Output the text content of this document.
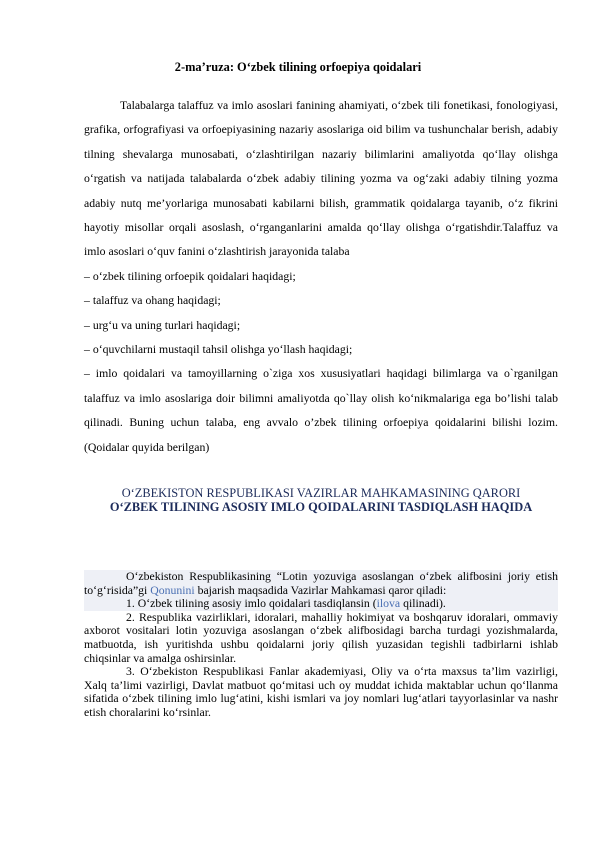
2-ma’ruza: O‘zbek tilining orfoepiya qoidalari

Talabalarga talaffuz va imlo asoslari fanining ahamiyati, o‘zbek tili fonetikasi, fonologiyasi, grafika, orfografiyasi va orfoepiyasining nazariy asoslariga oid bilim va tushunchalar berish, adabiy tilning shevalarga munosabati, o‘zlashtirilgan nazariy bilimlarini amaliyotda qo‘llay olishga o‘rgatish va natijada talabalarda o‘zbek adabiy tilining yozma va og‘zaki adabiy tilning yozma adabiy nutq me’yorlariga munosabati kabilarni bilish, grammatik qoidalarga tayanib, o‘z fikrini hayotiy misollar orqali asoslash, o‘rganganlarini amalda qo‘llay olishga o‘rgatishdir.Talaffuz va imlo asoslari o‘quv fanini o‘zlashtirish jarayonida talaba

– o‘zbek tilining orfoepik qoidalari haqidagi;

– talaffuz va ohang haqidagi;

– urg‘u va uning turlari haqidagi;

– o‘quvchilarni mustaqil tahsil olishga yo‘llash haqidagi;

– imlo qoidalari va tamoyillarning o`ziga xos xususiyatlari haqidagi bilimlarga va o`rganilgan talaffuz va imlo asoslariga doir bilimni amaliyotda qo`llay olish ko‘nikmalariga ega bo’lishi talab qilinadi. Buning uchun talaba, eng avvalo o’zbek tilining orfoepiya qoidalarini bilishi lozim. (Qoidalar quyida berilgan)

O‘ZBEKISTON RESPUBLIKASI VAZIRLAR MAHKAMASINING QARORI
O‘ZBEK TILINING ASOSIY IMLO QOIDALARINI TASDIQLASH HAQIDA

O‘zbekiston Respublikasining “Lotin yozuviga asoslangan o‘zbek alifbosini joriy etish to‘g‘risida”gi Qonunini bajarish maqsadida Vazirlar Mahkamasi qaror qiladi:

1. O‘zbek tilining asosiy imlo qoidalari tasdiqlansin (ilova qilinadi).

2. Respublika vazirliklari, idoralari, mahalliy hokimiyat va boshqaruv idoralari, ommaviy axborot vositalari lotin yozuviga asoslangan o‘zbek alifbosidagi barcha turdagi yozishmalarda, matbuotda, ish yuritishda ushbu qoidalarni joriy qilish yuzasidan tegishli tadbirlarni ishlab chiqsinlar va amalga oshirsinlar.

3. O‘zbekiston Respublikasi Fanlar akademiyasi, Oliy va o‘rta maxsus ta’lim vazirligi, Xalq ta’limi vazirligi, Davlat matbuot qo‘mitasi uch oy muddat ichida maktablar uchun qo‘llanma sifatida o‘zbek tilining imlo lug‘atini, kishi ismlari va joy nomlari lug‘atlari tayyorlasinlar va nashr etish choralarini ko‘rsinlar.
